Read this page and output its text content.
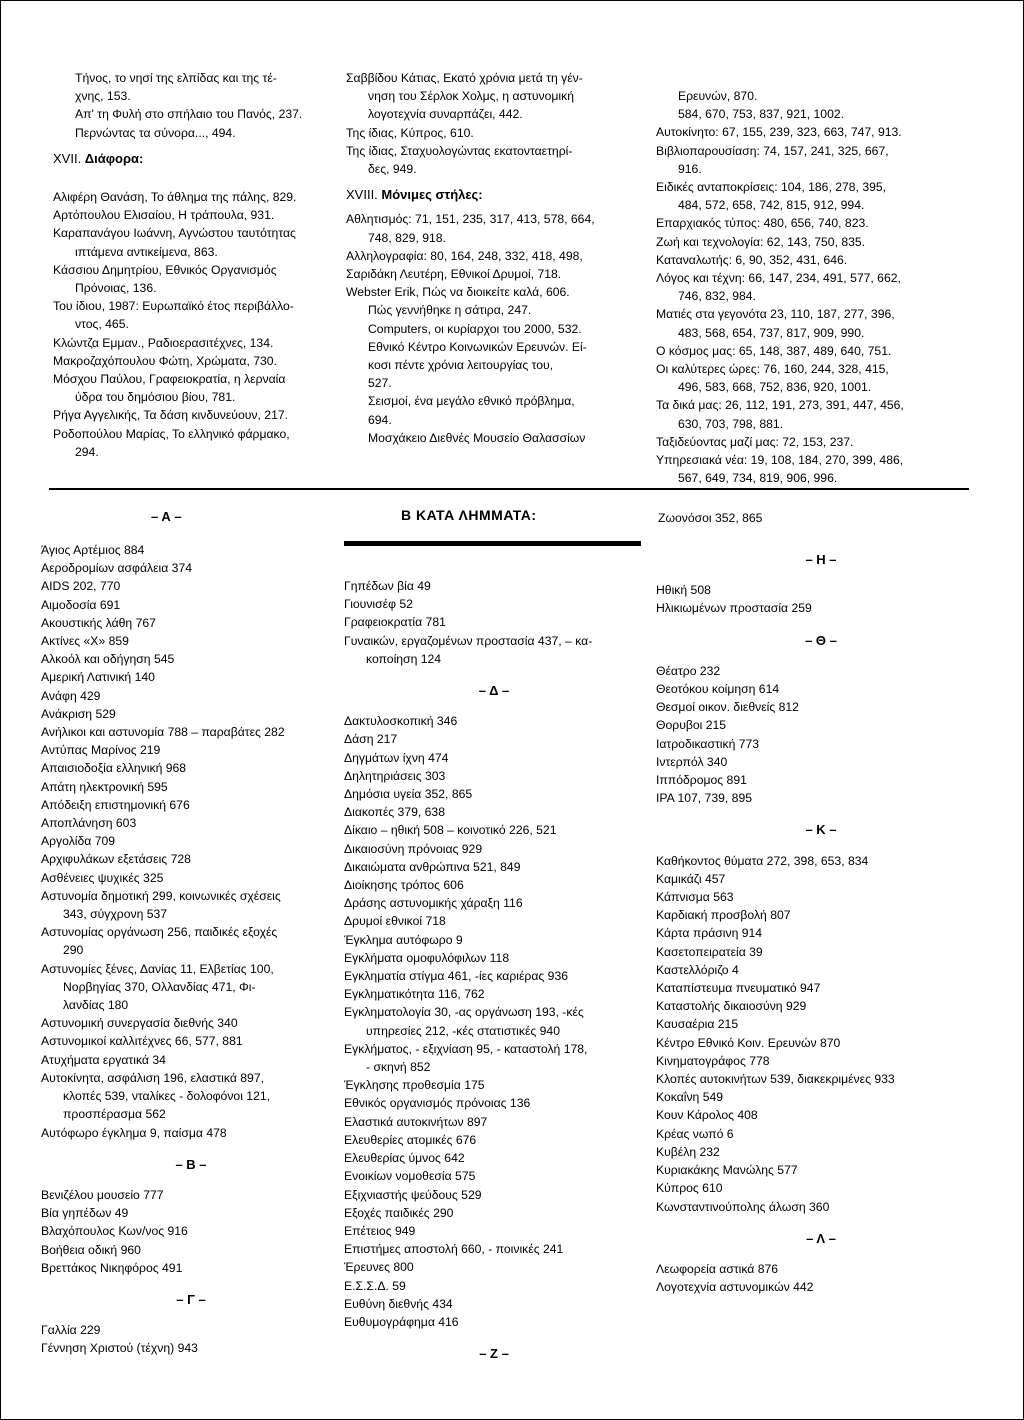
Τήνος, το νησί της ελπίδας και της τέ-

χνης, 153.

Απ' τη Φυλή στο σπήλαιο του Πανός, 237.

Περνώντας τα σύνορα..., 494.

XVII. Διάφορα:

Αλιφέρη Θανάση, Το άθλημα της πάλης, 829.

Αρτόπουλου Ελισαίου, Η τράπουλα, 931.

Καραπανάγου Ιωάννη, Αγνώστου ταυτότητας

ιπτάμενα αντικείμενα, 863.

Κάσσιου Δημητρίου, Εθνικός Οργανισμός

Πρόνοιας, 136.

Του ίδιου, 1987: Ευρωπαϊκό έτος περιβάλλο-

ντος, 465.

Κλώντζα Εμμαν., Ραδιοερασιτέχνες, 134.

Μακροζαχόπουλου Φώτη, Χρώματα, 730.

Μόσχου Παύλου, Γραφειοκρατία, η λερναία

ύδρα του δημόσιου βίου, 781.

Ρήγα Αγγελικής, Τα δάση κινδυνεύουν, 217.

Ροδοπούλου Μαρίας, Το ελληνικό φάρμακο,

294.

Σαββίδου Κάτιας, Εκατό χρόνια μετά τη γέν-

νηση του Σέρλοκ Χολμς, η αστυνομική

λογοτεχνία συναρπάζει, 442.

Της ίδιας, Κύπρος, 610.

Της ίδιας, Σταχυολογώντας εκατονταετηρί-

δες, 949.

XVIII. Μόνιμες στήλες:

Αθλητισμός: 71, 151, 235, 317, 413, 578, 664,

748, 829, 918.

Αλληλογραφία: 80, 164, 248, 332, 418, 498,

Σαριδάκη Λευτέρη, Εθνικοί Δρυμοί, 718.

Webster Erik, Πώς να διοικείτε καλά, 606.

Πώς γεννήθηκε η σάτιρα, 247.

Computers, οι κυρίαρχοι του 2000, 532.

Εθνικό Κέντρο Κοινωνικών Ερευνών. Εί-

κοσι πέντε χρόνια λειτουργίας του,

527.

Σεισμοί, ένα μεγάλο εθνικό πρόβλημα,

694.

Μοσχάκειο Διεθνές Μουσείο Θαλασσίων

Ερευνών, 870.

584, 670, 753, 837, 921, 1002.

Αυτοκίνητο: 67, 155, 239, 323, 663, 747, 913.

Βιβλιοπαρουσίαση: 74, 157, 241, 325, 667,

916.

Ειδικές ανταποκρίσεις: 104, 186, 278, 395,

484, 572, 658, 742, 815, 912, 994.

Επαρχιακός τύπος: 480, 656, 740, 823.

Ζωή και τεχνολογία: 62, 143, 750, 835.

Καταναλωτής: 6, 90, 352, 431, 646.

Λόγος και τέχνη: 66, 147, 234, 491, 577, 662,

746, 832, 984.

Ματιές στα γεγονότα 23, 110, 187, 277, 396,

483, 568, 654, 737, 817, 909, 990.

Ο κόσμος μας: 65, 148, 387, 489, 640, 751.

Οι καλύτερες ώρες: 76, 160, 244, 328, 415,

496, 583, 668, 752, 836, 920, 1001.

Τα δικά μας: 26, 112, 191, 273, 391, 447, 456,

630, 703, 798, 881.

Ταξιδεύοντας μαζί μας: 72, 153, 237.

Υπηρεσιακά νέα: 19, 108, 184, 270, 399, 486,

567, 649, 734, 819, 906, 996.

– Α –	Β ΚΑΤΑ ΛΗΜΜΑΤΑ:	Ζωονόσοι 352, 865

Άγιος Αρτέμιος 884

Αεροδρομίων ασφάλεια 374

AIDS 202, 770

Αιμοδοσία 691

Ακουστικής λάθη 767

Ακτίνες «Χ» 859

Αλκοόλ και οδήγηση 545

Αμερική Λατινική 140

Ανάφη 429

Ανάκριση 529

Ανήλικοι και αστυνομία 788 – παραβάτες 282

Αντύπας Μαρίνος 219

Απαισιοδοξία ελληνική 968

Απάτη ηλεκτρονική 595

Απόδειξη επιστημονική 676

Αποπλάνηση 603

Αργολίδα 709

Αρχιφυλάκων εξετάσεις 728

Ασθένειες ψυχικές 325

Αστυνομία δημοτική 299, κοινωνικές σχέσεις

343, σύγχρονη 537

Αστυνομίας οργάνωση 256, παιδικές εξοχές

290

Αστυνομίες ξένες, Δανίας 11, Ελβετίας 100,

Νορβηγίας 370, Ολλανδίας 471, Φι-

λανδίας 180

Αστυνομική συνεργασία διεθνής 340

Αστυνομικοί καλλιτέχνες 66, 577, 881

Ατυχήματα εργατικά 34

Αυτοκίνητα, ασφάλιση 196, ελαστικά 897,

κλοπές 539, νταλίκες - δολοφόνοι 121,

προσπέρασμα 562

Αυτόφωρο έγκλημα 9, παίσμα 478

– Β –

Βενιζέλου μουσείο 777

Βία γηπέδων 49

Βλαχόπουλος Κων/νος 916

Βοήθεια οδική 960

Βρεττάκος Νικηφόρος 491

– Γ –

Γαλλία 229

Γέννηση Χριστού (τέχνη) 943

Γηπέδων βία 49

Γιουνισέφ 52

Γραφειοκρατία 781

Γυναικών, εργαζομένων προστασία 437, – κα-

κοποίηση 124

– Δ –

Δακτυλοσκοπική 346

Δάση 217

Δηγμάτων ίχνη 474

Δηλητηριάσεις 303

Δημόσια υγεία 352, 865

Διακοπές 379, 638

Δίκαιο – ηθική 508 – κοινοτικό 226, 521

Δικαιοσύνη πρόνοιας 929

Δικαιώματα ανθρώπινα 521, 849

Διοίκησης τρόπος 606

Δράσης αστυνομικής χάραξη 116

Δρυμοί εθνικοί 718

Έγκλημα αυτόφωρο 9

Εγκλήματα ομοφυλόφιλων 118

Εγκληματία στίγμα 461, -ίες καριέρας 936

Εγκληματικότητα 116, 762

Εγκληματολογία 30, -ας οργάνωση 193, -κές

υπηρεσίες 212, -κές στατιστικές 940

Εγκλήματος, - εξιχνίαση 95, - καταστολή 178,

- σκηνή 852

Έγκλησης προθεσμία 175

Εθνικός οργανισμός πρόνοιας 136

Ελαστικά αυτοκινήτων 897

Ελευθερίες ατομικές 676

Ελευθερίας ύμνος 642

Ενοικίων νομοθεσία 575

Εξιχνιαστής ψεύδους 529

Εξοχές παιδικές 290

Επέτειος 949

Επιστήμες αποστολή 660, - ποινικές 241

Έρευνες 800

Ε.Σ.Σ.Δ. 59

Ευθύνη διεθνής 434

Ευθυμογράφημα 416

– Ζ –

– Η –

Ηθική 508

Ηλικιωμένων προστασία 259

– Θ –

Θέατρο 232

Θεοτόκου κοίμηση 614

Θεσμοί οικον. διεθνείς 812

Θορυβοι 215

Ιατροδικαστική 773

Ιντερπόλ 340

Ιππόδρομος 891

IPA 107, 739, 895

– Κ –

Καθήκοντος θύματα 272, 398, 653, 834

Καμικάζι 457

Κάπνισμα 563

Καρδιακή προσβολή 807

Κάρτα πράσινη 914

Κασετοπειρατεία 39

Καστελλόριζο 4

Καταπίστευμα πνευματικό 947

Καταστολής δικαιοσύνη 929

Καυσαέρια 215

Κέντρο Εθνικό Κοιν. Ερευνών 870

Κινηματογράφος 778

Κλοπές αυτοκινήτων 539, διακεκριμένες 933

Κοκαΐνη 549

Κουν Κάρολος 408

Κρέας νωπό 6

Κυβέλη 232

Κυριακάκης Μανώλης 577

Κύπρος 610

Κωνσταντινούπολης άλωση 360

– Λ –

Λεωφορεία αστικά 876

Λογοτεχνία αστυνομικών 442
